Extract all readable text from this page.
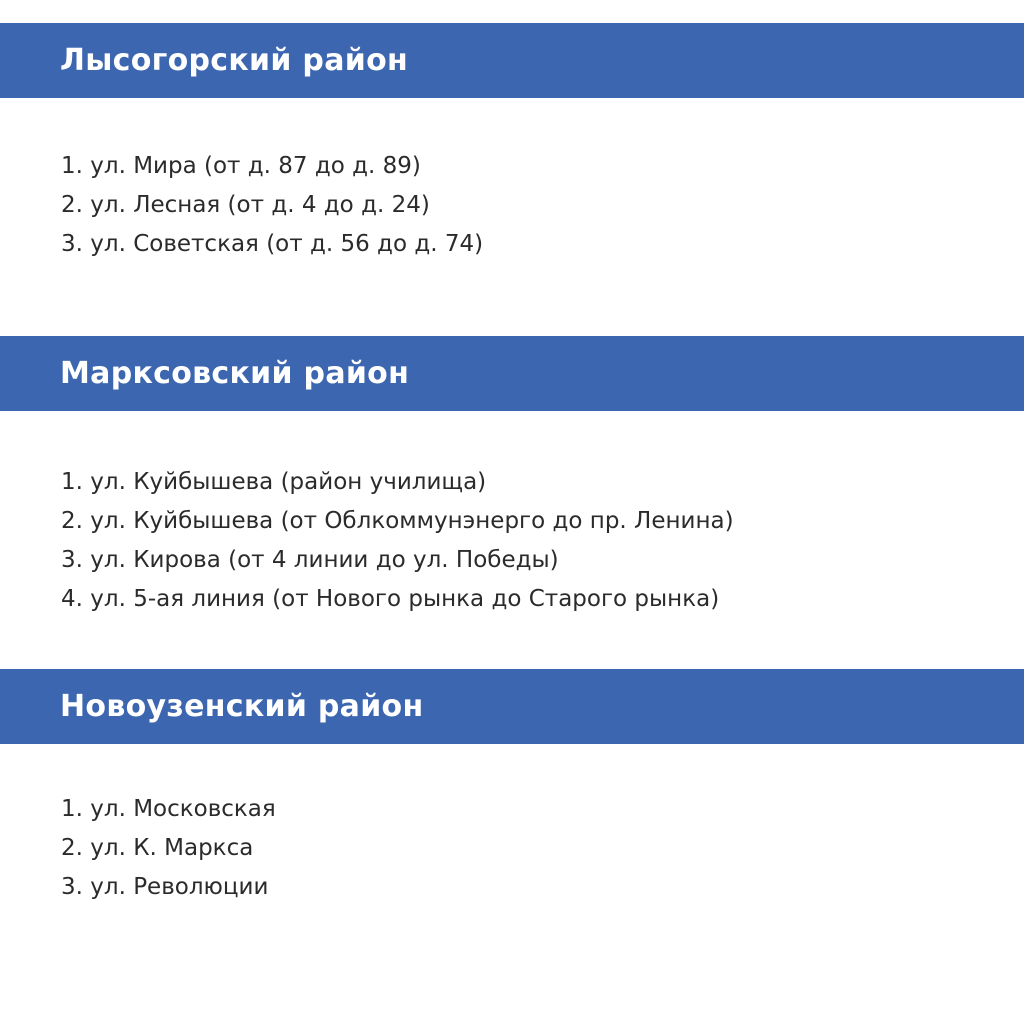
Лысогорский район
1. ул. Мира (от д. 87 до д. 89)
2. ул. Лесная (от д. 4 до д. 24)
3. ул. Советская (от д. 56 до д. 74)
Марксовский район
1. ул. Куйбышева (район училища)
2. ул. Куйбышева (от Облкоммунэнерго до пр. Ленина)
3. ул. Кирова (от 4 линии до ул. Победы)
4. ул. 5-ая линия (от Нового рынка до Старого рынка)
Новоузенский район
1. ул. Московская
2. ул. К. Маркса
3. ул. Революции
